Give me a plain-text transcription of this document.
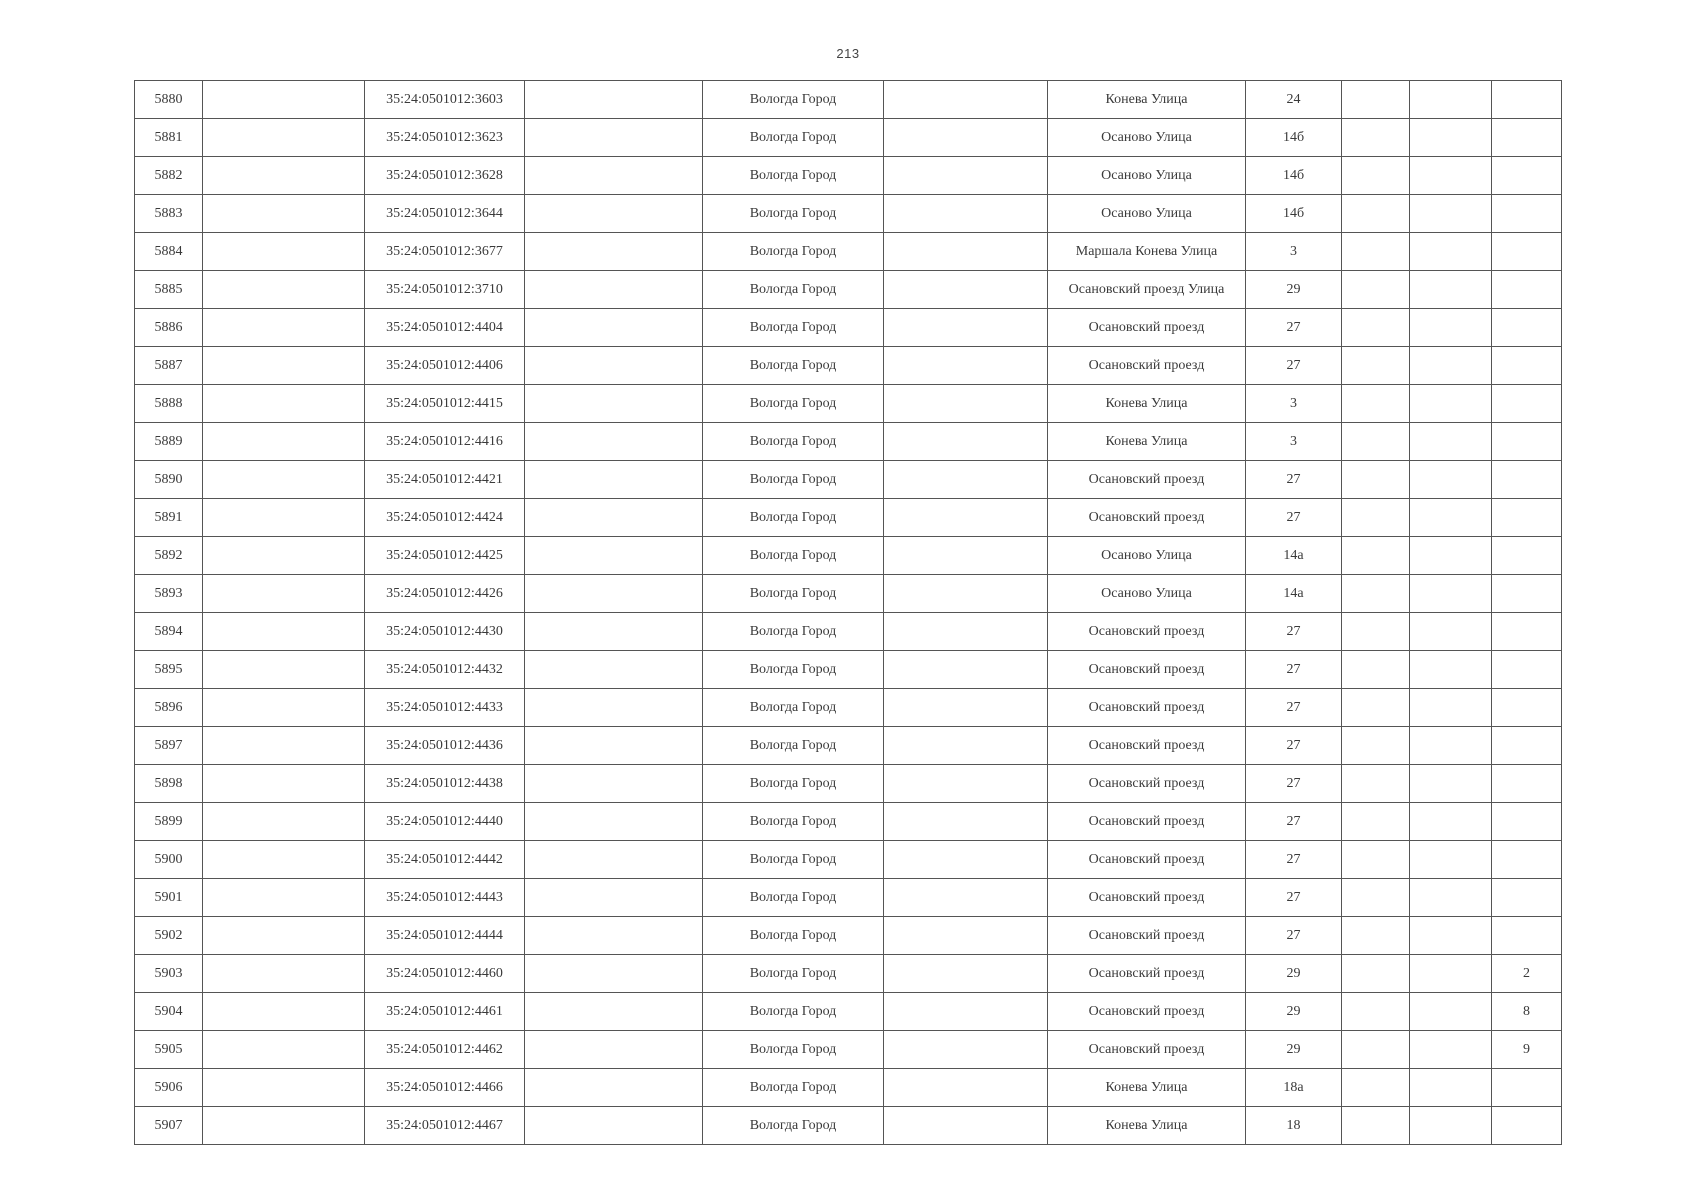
213
5880		35:24:0501012:3603		Вологда Город		Конева Улица	24			
5881		35:24:0501012:3623		Вологда Город		Осаново Улица	14б			
5882		35:24:0501012:3628		Вологда Город		Осаново Улица	14б			
5883		35:24:0501012:3644		Вологда Город		Осаново Улица	14б			
5884		35:24:0501012:3677		Вологда Город		Маршала Конева Улица	3			
5885		35:24:0501012:3710		Вологда Город		Осановский проезд Улица	29			
5886		35:24:0501012:4404		Вологда Город		Осановский проезд	27			
5887		35:24:0501012:4406		Вологда Город		Осановский проезд	27			
5888		35:24:0501012:4415		Вологда Город		Конева Улица	3			
5889		35:24:0501012:4416		Вологда Город		Конева Улица	3			
5890		35:24:0501012:4421		Вологда Город		Осановский проезд	27			
5891		35:24:0501012:4424		Вологда Город		Осановский проезд	27			
5892		35:24:0501012:4425		Вологда Город		Осаново Улица	14а			
5893		35:24:0501012:4426		Вологда Город		Осаново Улица	14а			
5894		35:24:0501012:4430		Вологда Город		Осановский проезд	27			
5895		35:24:0501012:4432		Вологда Город		Осановский проезд	27			
5896		35:24:0501012:4433		Вологда Город		Осановский проезд	27			
5897		35:24:0501012:4436		Вологда Город		Осановский проезд	27			
5898		35:24:0501012:4438		Вологда Город		Осановский проезд	27			
5899		35:24:0501012:4440		Вологда Город		Осановский проезд	27			
5900		35:24:0501012:4442		Вологда Город		Осановский проезд	27			
5901		35:24:0501012:4443		Вологда Город		Осановский проезд	27			
5902		35:24:0501012:4444		Вологда Город		Осановский проезд	27			
5903		35:24:0501012:4460		Вологда Город		Осановский проезд	29			2
5904		35:24:0501012:4461		Вологда Город		Осановский проезд	29			8
5905		35:24:0501012:4462		Вологда Город		Осановский проезд	29			9
5906		35:24:0501012:4466		Вологда Город		Конева Улица	18а			
5907		35:24:0501012:4467		Вологда Город		Конева Улица	18			
